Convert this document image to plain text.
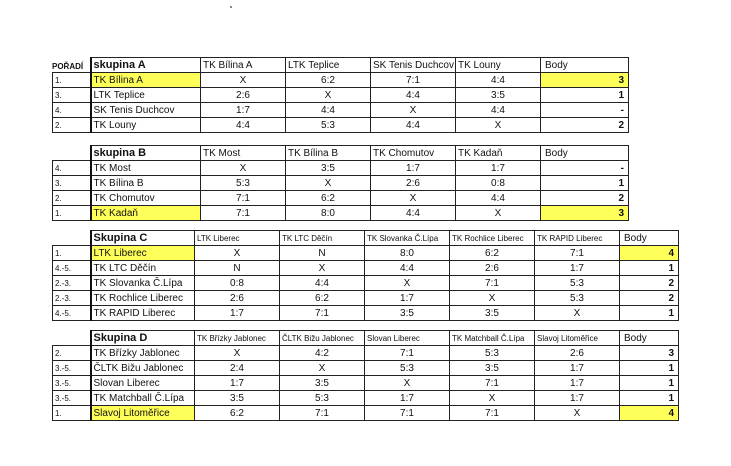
POŘADÍ
	skupina A	TK Bílina A	LTK Teplice	SK Tenis Duchcov	TK Louny	Body
1.	TK Bílina A	X	6:2	7:1	4:4	3
3.	LTK Teplice	2:6	X	4:4	3:5	1
4.	SK Tenis Duchcov	1:7	4:4	X	4:4	-
2.	TK Louny	4:4	5:3	4:4	X	2
	skupina B	TK Most	TK Bílina B	TK Chomutov	TK Kadaň	Body
4.	TK Most	X	3:5	1:7	1:7	-
3.	TK Bílina B	5:3	X	2:6	0:8	1
2.	TK Chomutov	7:1	6:2	X	4:4	2
1.	TK Kadaň	7:1	8:0	4:4	X	3
	Skupina C	LTK Liberec	TK LTC Děčín	TK Slovanka Č.Lípa	TK Rochlice Liberec	TK RAPID Liberec	Body
1.	LTK Liberec	X	N	8:0	6:2	7:1	4
4.-5.	TK LTC Děčín	N	X	4:4	2:6	1:7	1
2.-3.	TK Slovanka Č.Lípa	0:8	4:4	X	7:1	5:3	2
2.-3.	TK Rochlice Liberec	2:6	6:2	1:7	X	5:3	2
4.-5.	TK RAPID Liberec	1:7	7:1	3:5	3:5	X	1
	Skupina D	TK Břízky Jablonec	ČLTK Bižu Jablonec	Slovan Liberec	TK Matchball Č.Lípa	Slavoj Litoměřice	Body
2.	TK Břízky Jablonec	X	4:2	7:1	5:3	2:6	3
3.-5.	ČLTK Bižu Jablonec	2:4	X	5:3	3:5	1:7	1
3.-5.	Slovan Liberec	1:7	3:5	X	7:1	1:7	1
3.-5.	TK Matchball Č.Lípa	3:5	5:3	1:7	X	1:7	1
1.	Slavoj Litoměřice	6:2	7:1	7:1	7:1	X	4
